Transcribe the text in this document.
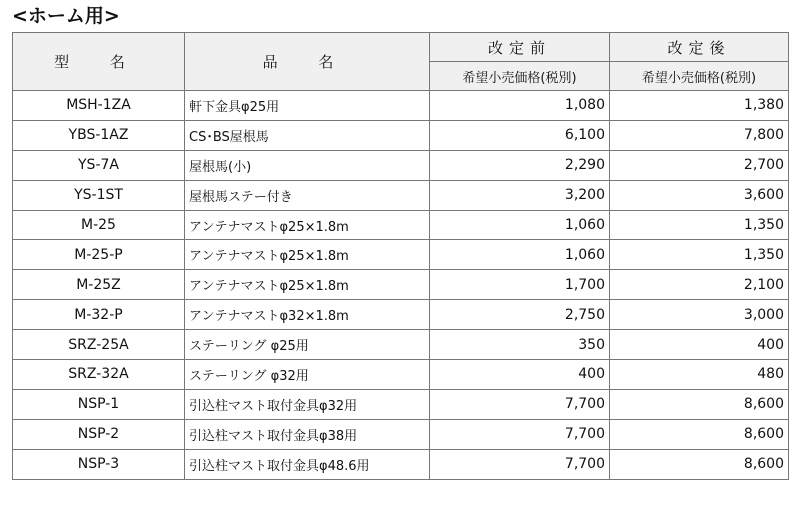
<ホーム用>
型 名	品 名	改定前	改定後
		希望小売価格(税別)	希望小売価格(税別)
MSH-1ZA	軒下金具φ25用	1,080	1,380
YBS-1AZ	CS･BS屋根馬	6,100	7,800
YS-7A	屋根馬(小)	2,290	2,700
YS-1ST	屋根馬ステー付き	3,200	3,600
M-25	アンテナマストφ25×1.8m	1,060	1,350
M-25-P	アンテナマストφ25×1.8m	1,060	1,350
M-25Z	アンテナマストφ25×1.8m	1,700	2,100
M-32-P	アンテナマストφ32×1.8m	2,750	3,000
SRZ-25A	ステーリング φ25用	350	400
SRZ-32A	ステーリング φ32用	400	480
NSP-1	引込柱マスト取付金具φ32用	7,700	8,600
NSP-2	引込柱マスト取付金具φ38用	7,700	8,600
NSP-3	引込柱マスト取付金具φ48.6用	7,700	8,600
